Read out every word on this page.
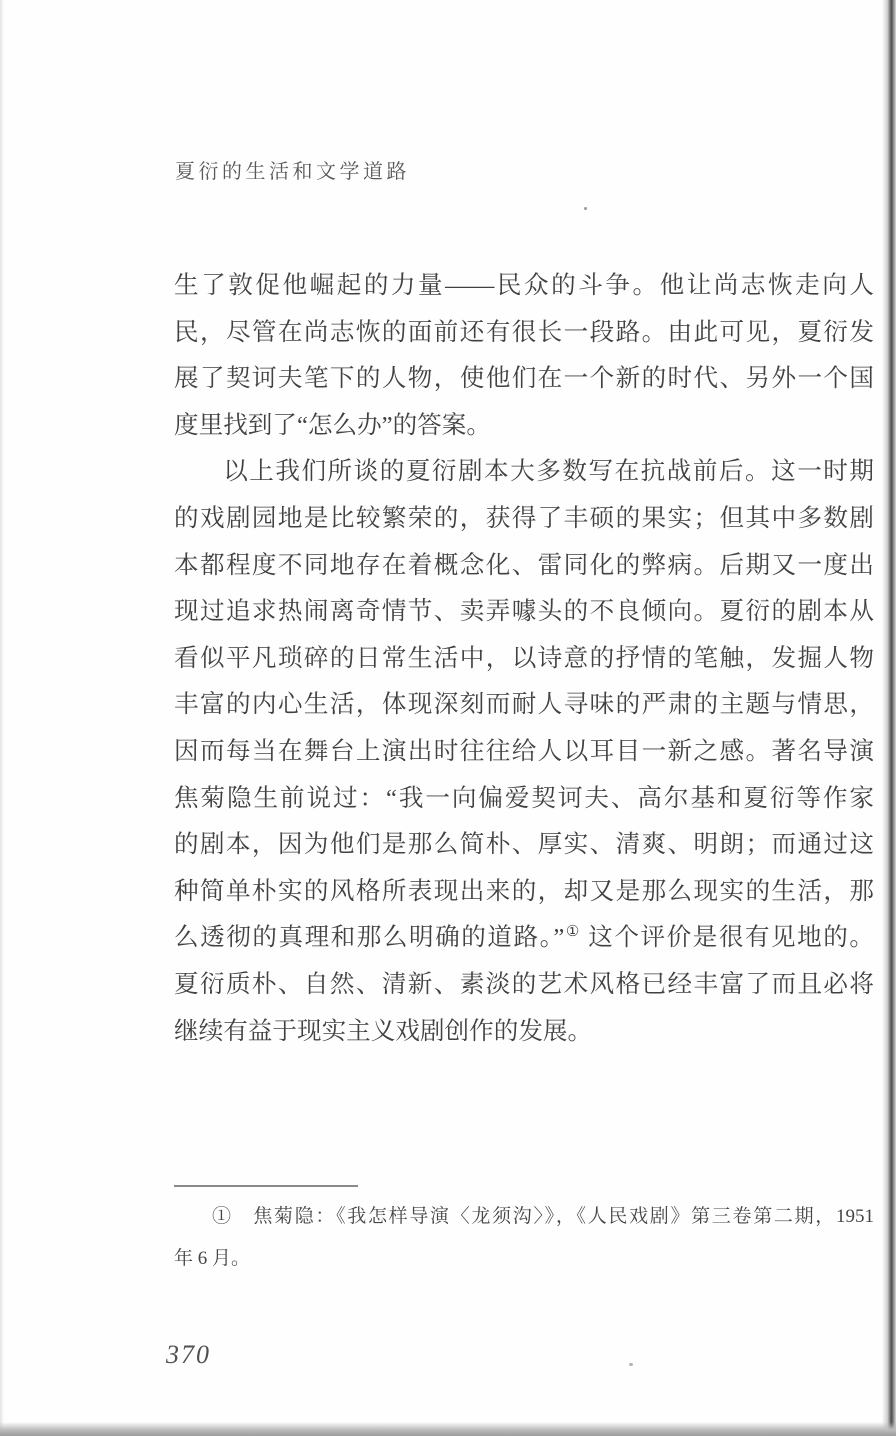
夏衍的生活和文学道路
生了敦促他崛起的力量——民众的斗争。他让尚志恢走向人
民，尽管在尚志恢的面前还有很长一段路。由此可见，夏衍发
展了契诃夫笔下的人物，使他们在一个新的时代、另外一个国
度里找到了“怎么办”的答案。
以上我们所谈的夏衍剧本大多数写在抗战前后。这一时期
的戏剧园地是比较繁荣的，获得了丰硕的果实；但其中多数剧
本都程度不同地存在着概念化、雷同化的弊病。后期又一度出
现过追求热闹离奇情节、卖弄噱头的不良倾向。夏衍的剧本从
看似平凡琐碎的日常生活中，以诗意的抒情的笔触，发掘人物
丰富的内心生活，体现深刻而耐人寻味的严肃的主题与情思，
因而每当在舞台上演出时往往给人以耳目一新之感。著名导演
焦菊隐生前说过：“我一向偏爱契诃夫、高尔基和夏衍等作家
的剧本，因为他们是那么简朴、厚实、清爽、明朗；而通过这
种简单朴实的风格所表现出来的，却又是那么现实的生活，那
么透彻的真理和那么明确的道路。”① 这个评价是很有见地的。
夏衍质朴、自然、清新、素淡的艺术风格已经丰富了而且必将
继续有益于现实主义戏剧创作的发展。
①　焦菊隐：《我怎样导演〈龙须沟〉》，《人民戏剧》第三卷第二期，1951
年 6 月。
370
